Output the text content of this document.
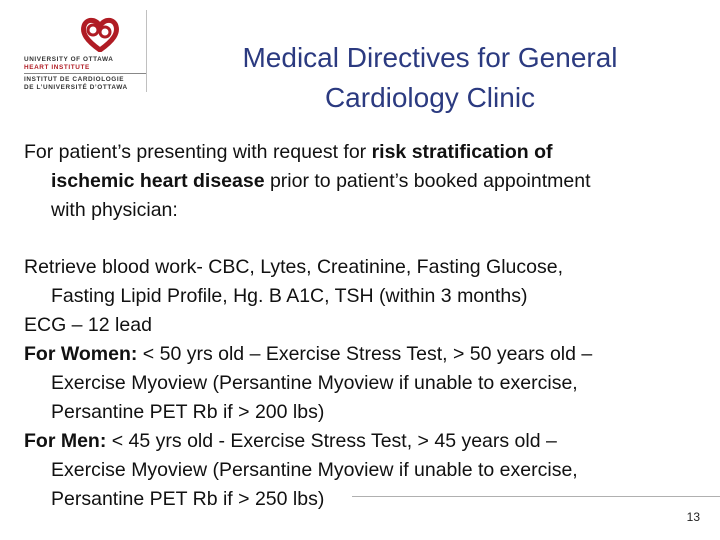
UNIVERSITY OF OTTAWA
HEART INSTITUTE
INSTITUT DE CARDIOLOGIE
DE L’UNIVERSITÉ D’OTTAWA
Medical Directives for General
Cardiology Clinic

For patient’s presenting with request for risk stratification of
ischemic heart disease prior to patient’s booked appointment
with physician:

Retrieve blood work- CBC, Lytes, Creatinine, Fasting Glucose,
Fasting Lipid Profile, Hg. B A1C, TSH (within 3 months)

ECG – 12 lead

For Women: < 50 yrs old – Exercise Stress Test, > 50 years old –
Exercise Myoview (Persantine Myoview if unable to exercise,
Persantine PET Rb if > 200 lbs)

For Men: < 45 yrs old - Exercise Stress Test, > 45 years old –
Exercise Myoview (Persantine Myoview if unable to exercise,
Persantine PET Rb if > 250 lbs)

13
